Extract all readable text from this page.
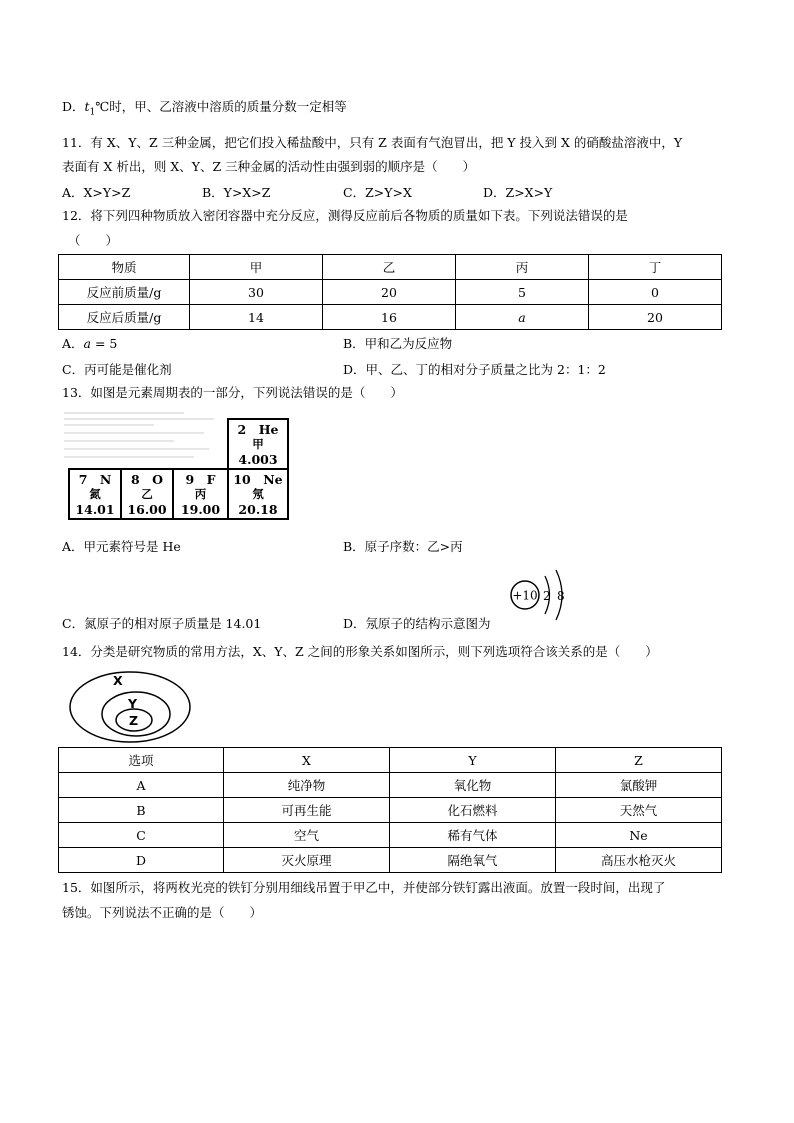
D．$t_1℃$时，甲、乙溶液中溶质的质量分数一定相等
11．有 X、Y、Z 三种金属，把它们投入稀盐酸中，只有 Z 表面有气泡冒出，把 Y 投入到 X 的硝酸盐溶液中，Y
表面有 X 析出，则 X、Y、Z 三种金属的活动性由强到弱的顺序是（　　）
A．X>Y>Z	B．Y>X>Z	C．Z>Y>X	D．Z>X>Y
12．将下列四种物质放入密闭容器中充分反应，测得反应前后各物质的质量如下表。下列说法错误的是
（　　）
物质	甲	乙	丙	丁
反应前质量/g	30	20	5	0
反应后质量/g	14	16	a	20
A．a = 5	B．甲和乙为反应物
C．丙可能是催化剂	D．甲、乙、丁的相对分子质量之比为 2：1：2
13．如图是元素周期表的一部分，下列说法错误的是（　　）
2　He
甲
4.003
7　N
氮
14.01
8　O
乙
16.00
9　F
丙
19.00
10　Ne
氖
20.18
A．甲元素符号是 He	B．原子序数：乙>丙
+10 2 8
C．氮原子的相对原子质量是 14.01	D．氖原子的结构示意图为
14．分类是研究物质的常用方法，X、Y、Z 之间的形象关系如图所示，则下列选项符合该关系的是（　　）
X
Y
Z
选项	X	Y	Z
A	纯净物	氧化物	氯酸钾
B	可再生能	化石燃料	天然气
C	空气	稀有气体	Ne
D	灭火原理	隔绝氧气	高压水枪灭火
15．如图所示，将两枚光亮的铁钉分别用细线吊置于甲乙中，并使部分铁钉露出液面。放置一段时间，出现了
锈蚀。下列说法不正确的是（　　）
